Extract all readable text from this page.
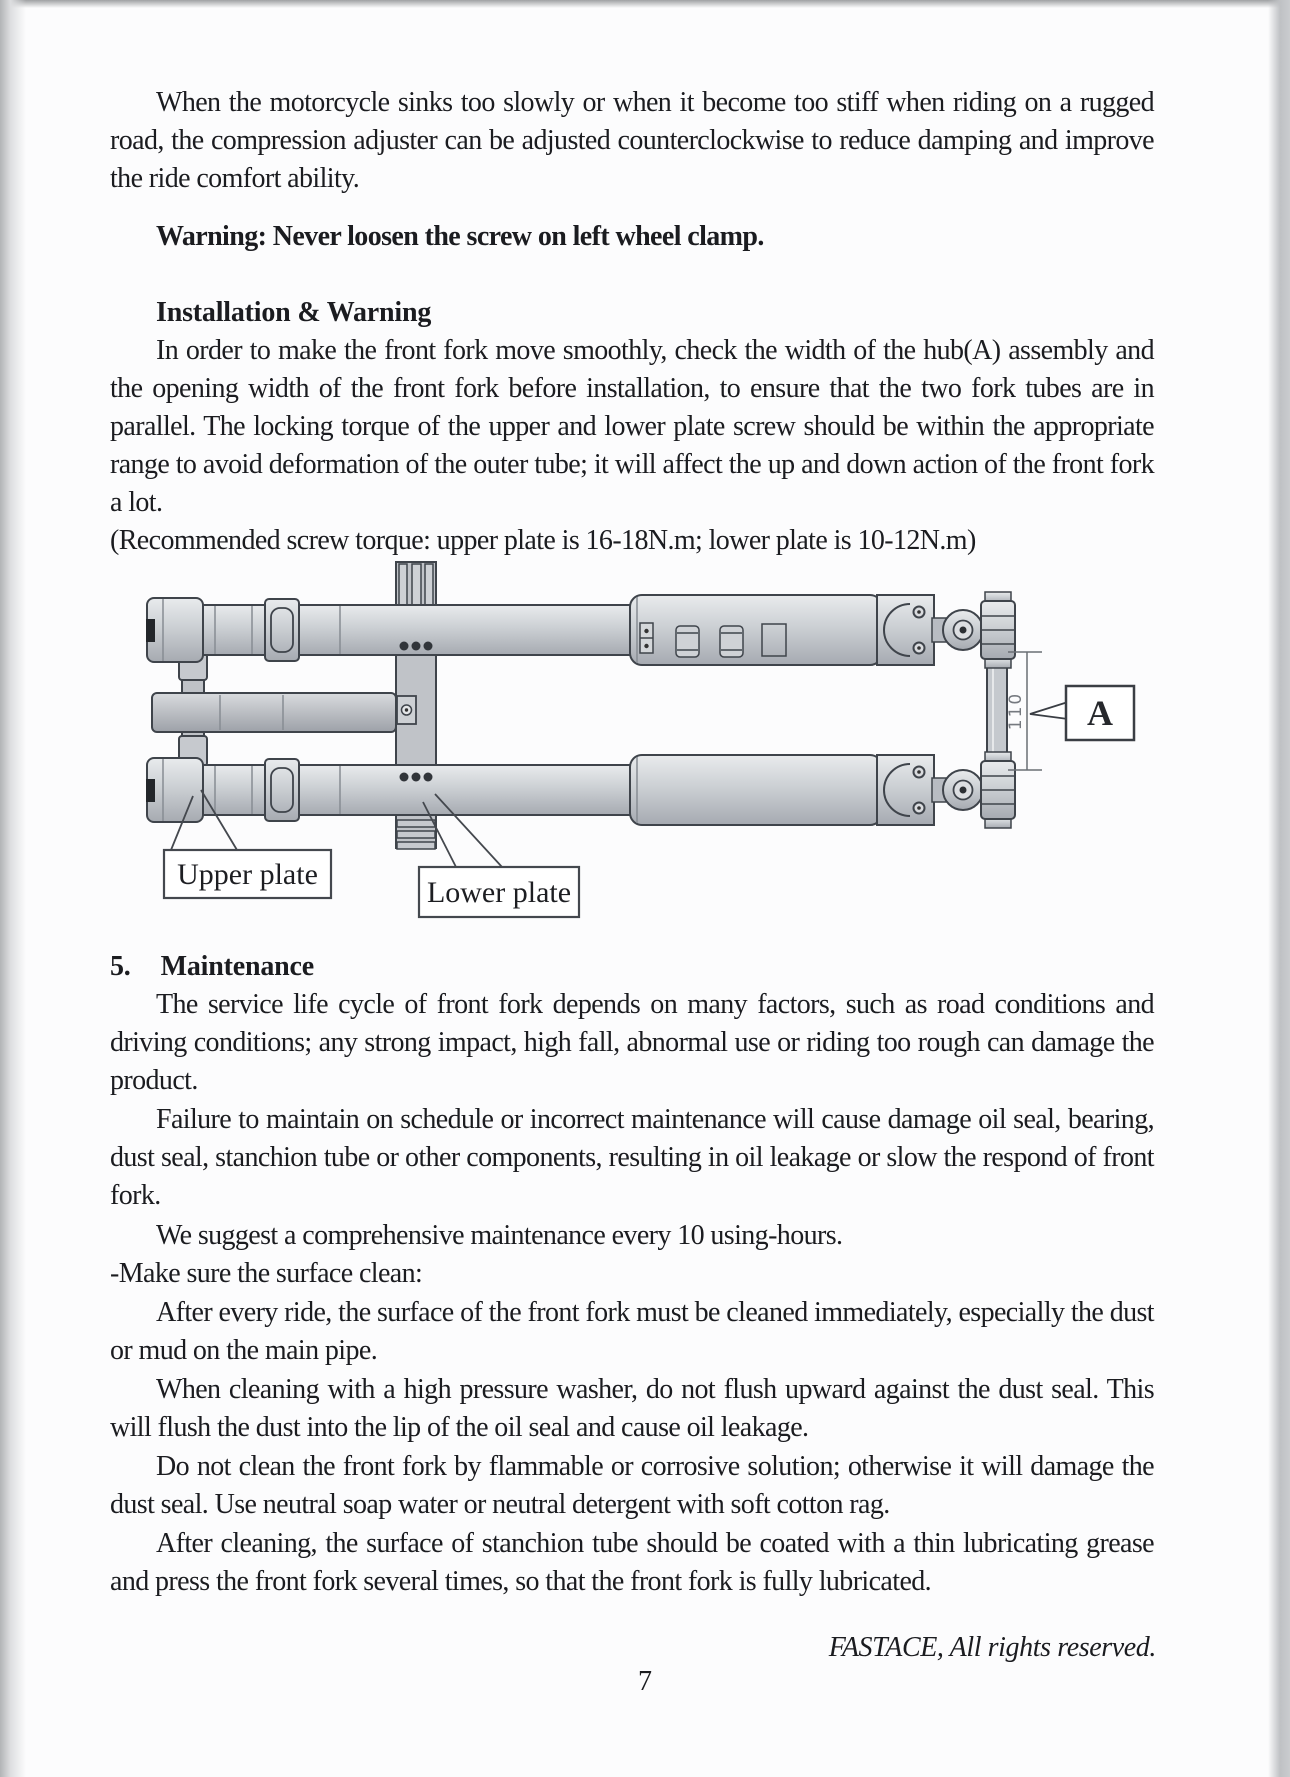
When the motorcycle sinks too slowly or when it become too stiff when riding on a rugged road, the compression adjuster can be adjusted counterclockwise to reduce damping and improve the ride comfort ability.
Warning: Never loosen the screw on left wheel clamp.
Installation & Warning
In order to make the front fork move smoothly, check the width of the hub(A) assembly and the opening width of the front fork before installation, to ensure that the two fork tubes are in parallel. The locking torque of the upper and lower plate screw should be within the appropriate range to avoid deformation of the outer tube; it will affect the up and down action of the front fork a lot.
(Recommended screw torque: upper plate is 16-18N.m; lower plate is 10-12N.m)
110 A
Upper plate
Lower plate
5. Maintenance
The service life cycle of front fork depends on many factors, such as road conditions and driving conditions; any strong impact, high fall, abnormal use or riding too rough can damage the product.
Failure to maintain on schedule or incorrect maintenance will cause damage oil seal, bearing, dust seal, stanchion tube or other components, resulting in oil leakage or slow the respond of front fork.
We suggest a comprehensive maintenance every 10 using-hours.
-Make sure the surface clean:
After every ride, the surface of the front fork must be cleaned immediately, especially the dust or mud on the main pipe.
When cleaning with a high pressure washer, do not flush upward against the dust seal. This will flush the dust into the lip of the oil seal and cause oil leakage.
Do not clean the front fork by flammable or corrosive solution; otherwise it will damage the dust seal. Use neutral soap water or neutral detergent with soft cotton rag.
After cleaning, the surface of stanchion tube should be coated with a thin lubricating grease and press the front fork several times, so that the front fork is fully lubricated.
FASTACE, All rights reserved.
7
